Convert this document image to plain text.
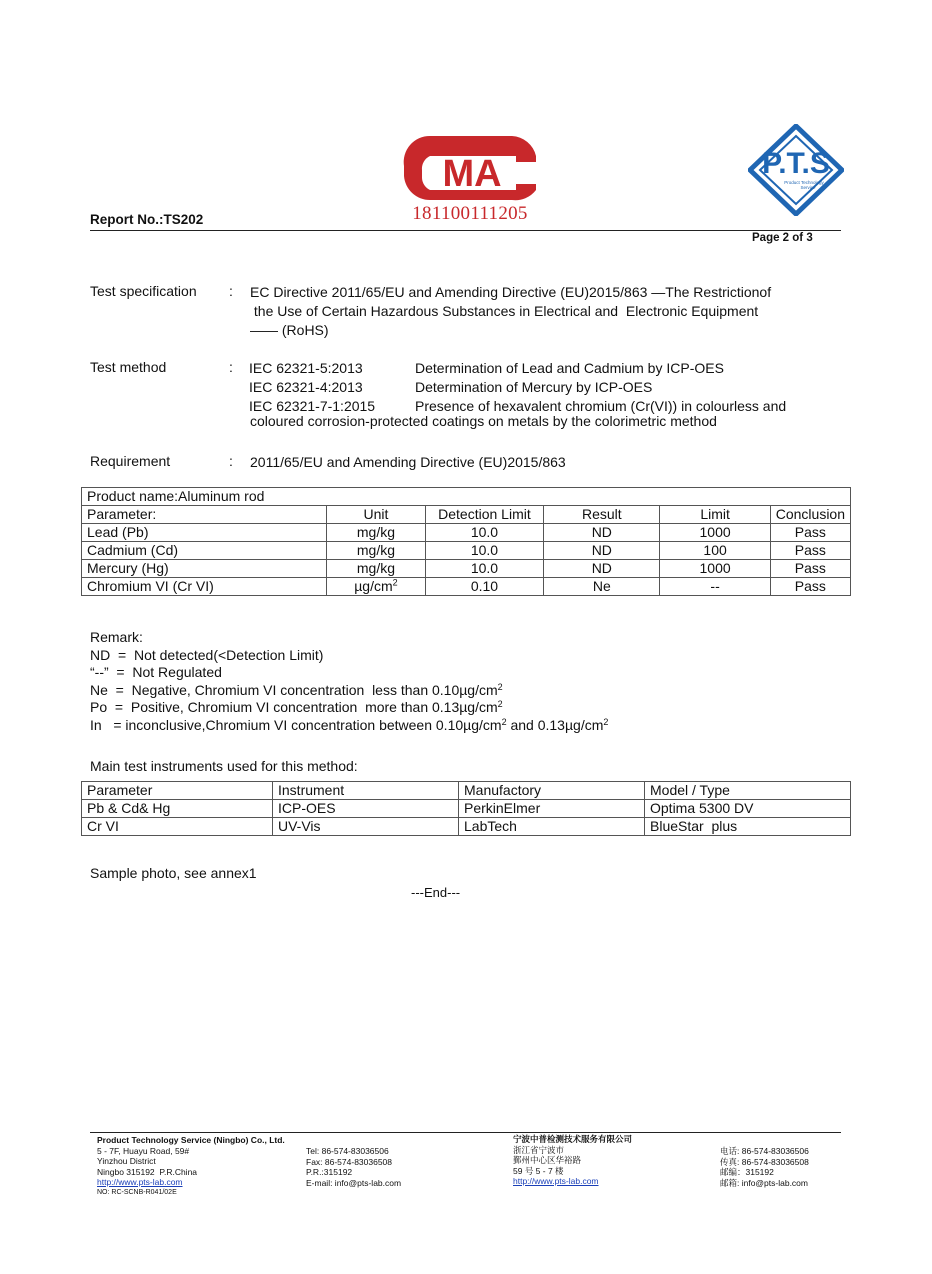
MA
181100111205
P.T.S
Product Technology
Service
Report No.:TS202
Page 2 of 3
Test specification : EC Directive 2011/65/EU and Amending Directive (EU)2015/863 —The Restrictionof
the Use of Certain Hazardous Substances in Electrical and  Electronic Equipment
—— (RoHS)
Test method	: IEC 62321-5:2013	Determination of Lead and Cadmium by ICP-OES
IEC 62321-4:2013	Determination of Mercury by ICP-OES
IEC 62321-7-1:2015	Presence of hexavalent chromium (Cr(VI)) in colourless and
coloured corrosion-protected coatings on metals by the colorimetric method
Requirement	: 2011/65/EU and Amending Directive (EU)2015/863
Product name:Aluminum rod					
Parameter:	Unit	Detection Limit	Result	Limit	Conclusion
Lead (Pb)	mg/kg	10.0	ND	1000	Pass
Cadmium (Cd)	mg/kg	10.0	ND	100	Pass
Mercury (Hg)	mg/kg	10.0	ND	1000	Pass
Chromium VI (Cr VI)	$\mu g/cm^2$	0.10	Ne	--	Pass
Remark:
ND  =  Not detected(<Detection Limit)
“--”  =  Not Regulated
Ne  =  Negative, Chromium VI concentration  less than $0.10\mu g/cm^2$
Po  =  Positive, Chromium VI concentration  more than $0.13\mu g/cm^2$
In   = inconclusive,Chromium VI concentration between $0.10\mu g/cm^2$ and $0.13\mu g/cm^2$
Main test instruments used for this method:
Parameter	Instrument	Manufactory	Model / Type
Pb & Cd& Hg	ICP-OES	PerkinElmer	Optima 5300 DV
Cr VI	UV-Vis	LabTech	BlueStar  plus
Sample photo, see annex1
---End---
Product Technology Service (Ningbo) Co., Ltd.
5 - 7F, Huayu Road, 59#
Yinzhou District
Ningbo 315192  P.R.China
http://www.pts-lab.com
NO: RC-SCNB-R041/02E
Tel: 86-574-83036506
Fax: 86-574-83036508
P.R.:315192
E-mail: info@pts-lab.com
宁波中普检测技术服务有限公司
浙江省宁波市
鄞州中心区华裕路
59 号 5 - 7 楼
http://www.pts-lab.com
电话: 86-574-83036506
传真: 86-574-83036508
邮编：315192
邮箱: info@pts-lab.com
